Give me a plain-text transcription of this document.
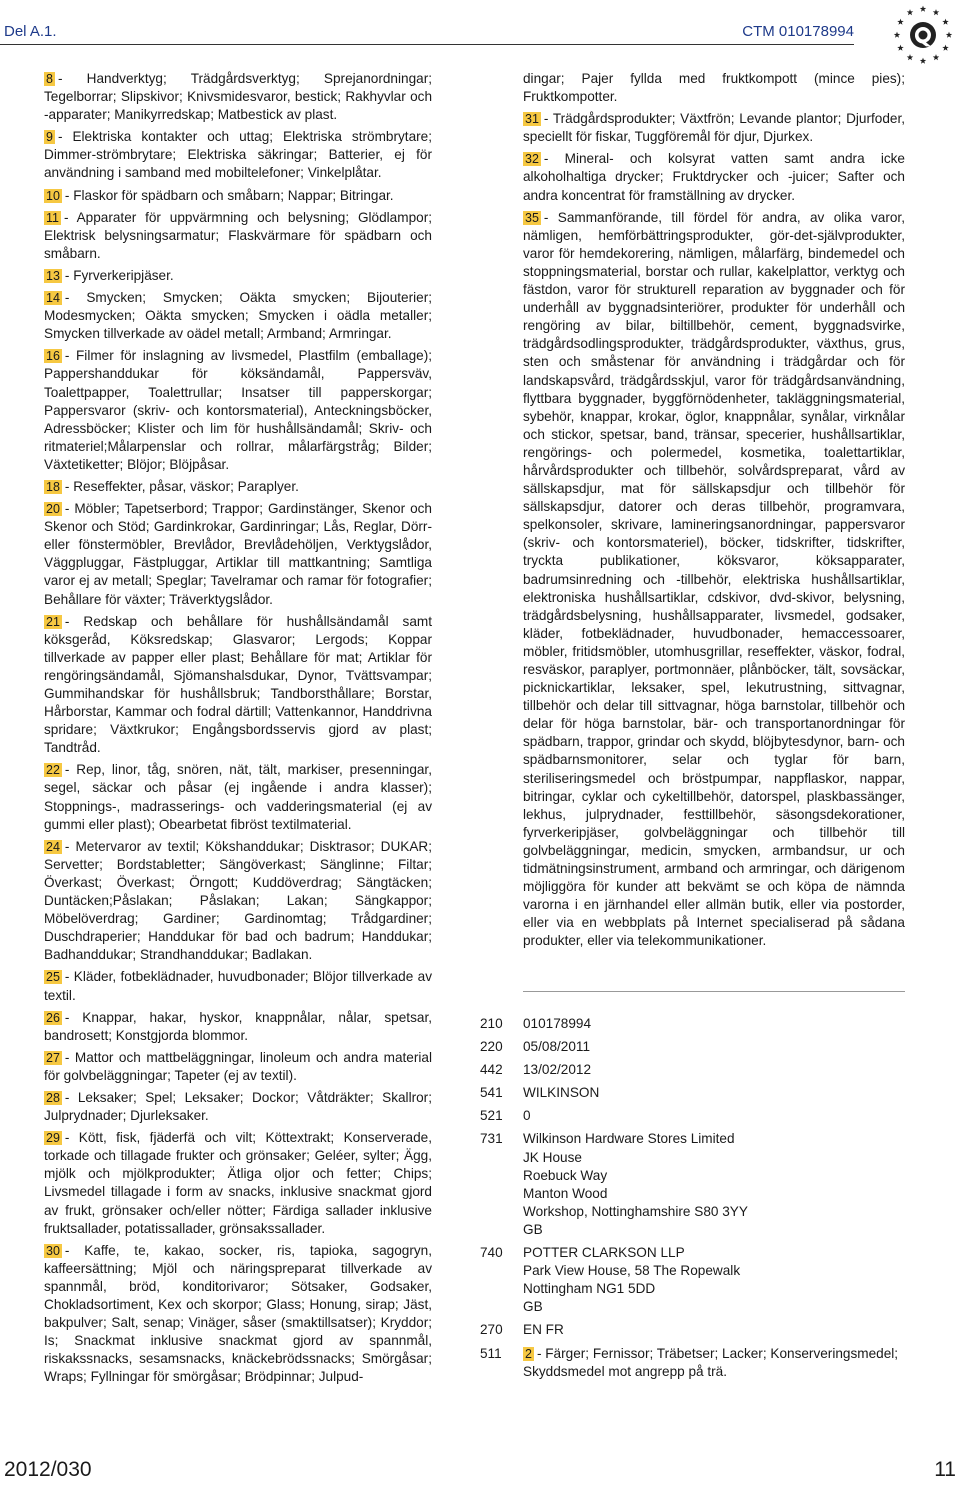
Del A.1.	CTM 010178994

8 - Handverktyg; Trädgårdsverktyg; Sprejanordningar; Tegelborrar; Slipskivor; Knivsmidesvaror, bestick; Rakhyvlar och -apparater; Manikyrredskap; Matbestick av plast.

9 - Elektriska kontakter och uttag; Elektriska strömbrytare; Dimmer-strömbrytare; Elektriska säkringar; Batterier, ej för användning i samband med mobiltelefoner; Vinkelplåtar.

10 - Flaskor för spädbarn och småbarn; Nappar; Bitringar.

11 - Apparater för uppvärmning och belysning; Glödlampor; Elektrisk belysningsarmatur; Flaskvärmare för spädbarn och småbarn.

13 - Fyrverkeripjäser.

14 - Smycken; Smycken; Oäkta smycken; Bijouterier; Modesmycken; Oäkta smycken; Smycken i oädla metaller; Smycken tillverkade av oädel metall; Armband; Armringar.

16 - Filmer för inslagning av livsmedel, Plastfilm (emballage); Pappershanddukar för köksändamål, Pappersväv, Toalettpapper, Toalettrullar; Insatser till papperskorgar; Pappersvaror (skriv- och kontorsmaterial), Anteckningsböcker, Adressböcker; Klister och lim för hushållsändamål; Skriv- och ritmateriel;Målarpenslar och rollrar, målarfärgstråg; Bilder; Växtetiketter; Blöjor; Blöjpåsar.

18 - Reseffekter, påsar, väskor; Paraplyer.

20 - Möbler; Tapetserbord; Trappor; Gardinstänger, Skenor och Skenor och Stöd; Gardinkrokar, Gardinringar; Lås, Reglar, Dörr- eller fönstermöbler, Brevlådor, Brevlådehöljen, Verktygslådor, Väggpluggar, Fästpluggar, Artiklar till mattkantning; Samtliga varor ej av metall; Speglar; Tavelramar och ramar för fotografier; Behållare för växter; Träverktygslådor.

21 - Redskap och behållare för hushållsändamål samt köksgeråd, Köksredskap; Glasvaror; Lergods; Koppar tillverkade av papper eller plast; Behållare för mat; Artiklar för rengöringsändamål, Sjömanshalsdukar, Dynor, Tvättsvampar; Gummihandskar för hushållsbruk; Tandborsthållare; Borstar, Hårborstar, Kammar och fodral därtill; Vattenkannor, Handdrivna spridare; Växtkrukor; Engångsbordsservis gjord av plast; Tandtråd.

22 - Rep, linor, tåg, snören, nät, tält, markiser, presenningar, segel, säckar och påsar (ej ingående i andra klasser); Stoppnings-, madrasserings- och vadderingsmaterial (ej av gummi eller plast); Obearbetat fibröst textilmaterial.

24 - Metervaror av textil; Kökshanddukar; Disktrasor; DUKAR; Servetter; Bordstabletter; Sängöverkast; Sänglinne; Filtar; Överkast; Överkast; Örngott; Kuddöverdrag; Sängtäcken; Duntäcken;Påslakan; Påslakan; Lakan; Sängkappor; Möbelöverdrag; Gardiner; Gardinomtag; Trådgardiner; Duschdraperier; Handdukar för bad och badrum; Handdukar; Badhanddukar; Strandhanddukar; Badlakan.

25 - Kläder, fotbeklädnader, huvudbonader; Blöjor tillverkade av textil.

26 - Knappar, hakar, hyskor, knappnålar, nålar, spetsar, bandrosett; Konstgjorda blommor.

27 - Mattor och mattbeläggningar, linoleum och andra material för golvbeläggningar; Tapeter (ej av textil).

28 - Leksaker; Spel; Leksaker; Dockor; Våtdräkter; Skallror; Julprydnader; Djurleksaker.

29 - Kött, fisk, fjäderfä och vilt; Köttextrakt; Konserverade, torkade och tillagade frukter och grönsaker; Geléer, sylter; Ägg, mjölk och mjölkprodukter; Ätliga oljor och fetter; Chips; Livsmedel tillagade i form av snacks, inklusive snackmat gjord av frukt, grönsaker och/eller nötter; Färdiga sallader inklusive fruktsallader, potatissallader, grönsakssallader.

30 - Kaffe, te, kakao, socker, ris, tapioka, sagogryn, kaffeersättning; Mjöl och näringspreparat tillverkade av spannmål, bröd, konditorivaror; Sötsaker, Godsaker, Chokladsortiment, Kex och skorpor; Glass; Honung, sirap; Jäst, bakpulver; Salt, senap; Vinäger, såser (smaktillsatser); Kryddor; Is; Snackmat inklusive snackmat gjord av spannmål, riskakssnacks, sesamsnacks, knäckebrödssnacks; Smörgåsar; Wraps; Fyllningar för smörgåsar; Brödpinnar; Julpud-

dingar; Pajer fyllda med fruktkompott (mince pies); Fruktkompotter.

31 - Trädgårdsprodukter; Växtfrön; Levande plantor; Djurfoder, speciellt för fiskar, Tuggföremål för djur, Djurkex.

32 - Mineral- och kolsyrat vatten samt andra icke alkoholhaltiga drycker; Fruktdrycker och -juicer; Safter och andra koncentrat för framställning av drycker.

35 - Sammanförande, till fördel för andra, av olika varor, nämligen, hemförbättringsprodukter, gör-det-självprodukter, varor för hemdekorering, nämligen, målarfärg, bindemedel och stoppningsmaterial, borstar och rullar, kakelplattor, verktyg och fästdon, varor för strukturell reparation av byggnader och för underhåll av byggnadsinteriörer, produkter för underhåll och rengöring av bilar, biltillbehör, cement, byggnadsvirke, trädgårdsodlingsprodukter, trädgårdsprodukter, växthus, grus, sten och småstenar för användning i trädgårdar och för landskapsvård, trädgårdsskjul, varor för trädgårdsanvändning, flyttbara byggnader, byggförnödenheter, takläggningsmaterial, sybehör, knappar, krokar, öglor, knappnålar, synålar, virknålar och stickor, spetsar, band, tränsar, specerier, hushållsartiklar, rengörings- och polermedel, kosmetika, toalettartiklar, hårvårdsprodukter och tillbehör, solvårdspreparat, vård av sällskapsdjur, mat för sällskapsdjur och tillbehör för sällskapsdjur, datorer och deras tillbehör, programvara, spelkonsoler, skrivare, lamineringsanordningar, pappersvaror (skriv- och kontorsmateriel), böcker, tidskrifter, tidskrifter, tryckta publikationer, köksvaror, köksapparater, badrumsinredning och -tillbehör, elektriska hushållsartiklar, elektroniska hushållsartiklar, cdskivor, dvd-skivor, belysning, trädgårdsbelysning, hushållsapparater, livsmedel, godsaker, kläder, fotbeklädnader, huvudbonader, hemaccessoarer, möbler, fritidsmöbler, utomhusgrillar, reseffekter, väskor, fodral, resväskor, paraplyer, portmonnäer, plånböcker, tält, sovsäckar, picknickartiklar, leksaker, spel, lekutrustning, sittvagnar, tillbehör och delar till sittvagnar, höga barnstolar, tillbehör och delar för höga barnstolar, bär- och transportanordningar för spädbarn, trappor, grindar och skydd, blöjbytesdynor, barn- och spädbarnsmonitorer, selar och tyglar för barn, steriliseringsmedel och bröstpumpar, nappflaskor, nappar, bitringar, cyklar och cykeltillbehör, datorspel, plaskbassänger, lekhus, julprydnader, festtillbehör, säsongsdekorationer, fyrverkeripjäser, golvbeläggningar och tillbehör till golvbeläggningar, medicin, smycken, armbandsur, ur och tidmätningsinstrument, armband och armringar, och därigenom möjliggöra för kunder att bekvämt se och köpa de nämnda varorna i en järnhandel eller allmän butik, eller via postorder, eller via en webbplats på Internet specialiserad på sådana produkter, eller via telekommunikationer.

210	010178994
220	05/08/2011
442	13/02/2012
541	WILKINSON
521	0
731	Wilkinson Hardware Stores Limited
JK House
Roebuck Way
Manton Wood
Workshop, Nottinghamshire S80 3YY
GB
740	POTTER CLARKSON LLP
Park View House, 58 The Ropewalk
Nottingham NG1 5DD
GB
270	EN FR
511	2 - Färger; Fernissor; Träbetser; Lacker; Konserveringsmedel; Skyddsmedel mot angrepp på trä.
2012/030	11
